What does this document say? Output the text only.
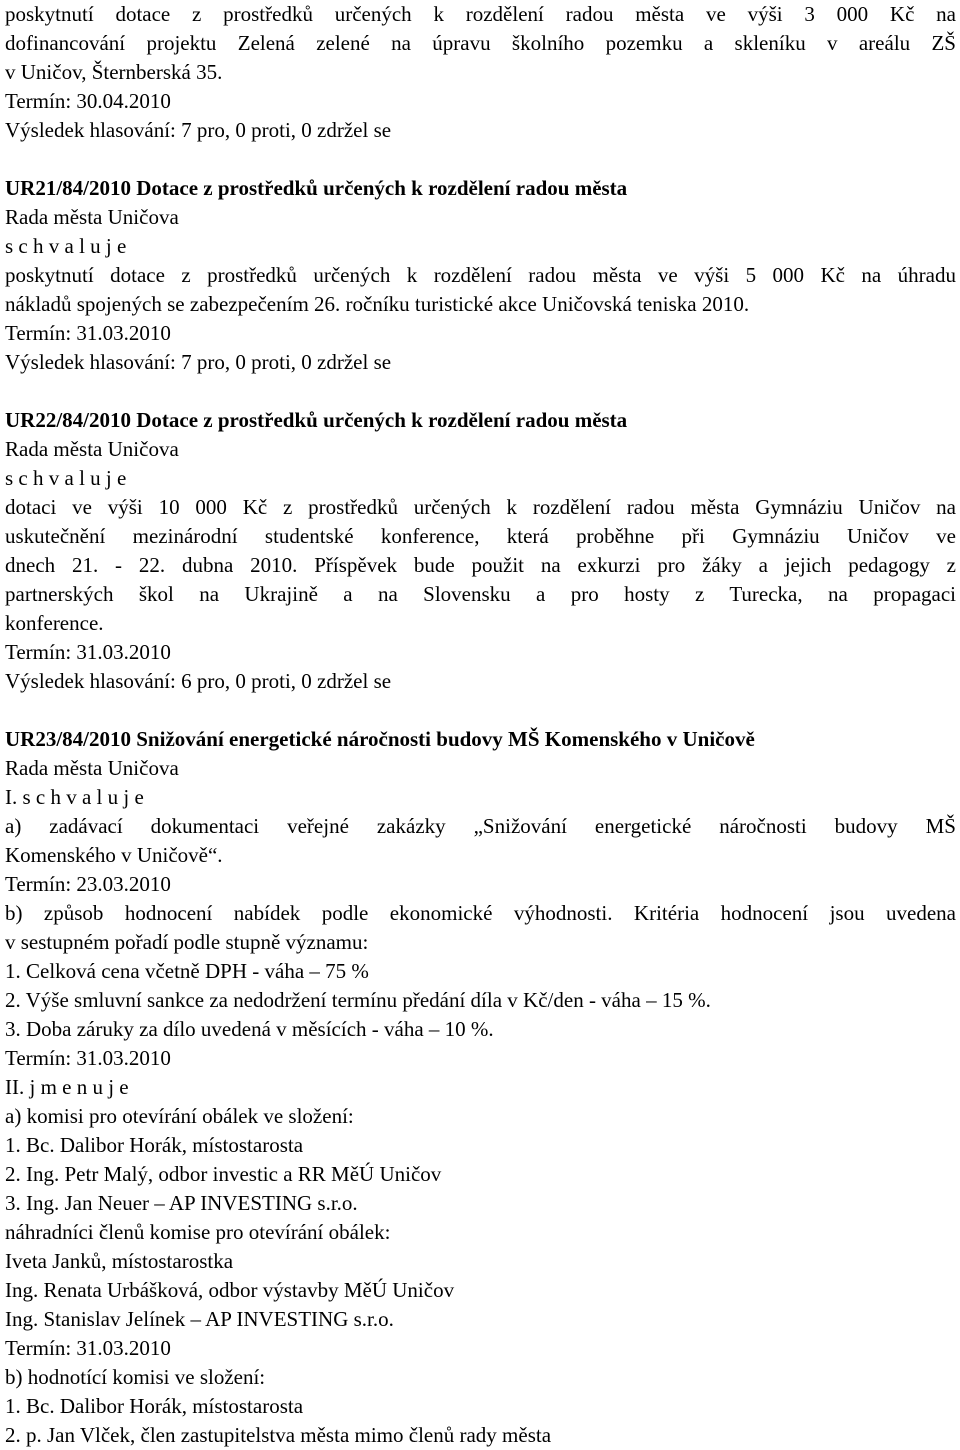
poskytnutí dotace z prostředků určených k rozdělení radou města ve výši 3 000 Kč na
dofinancování projektu Zelená zelené na úpravu školního pozemku a skleníku v areálu ZŠ
v Uničov, Šternberská 35.
Termín: 30.04.2010
Výsledek hlasování: 7 pro, 0 proti, 0 zdržel se
UR21/84/2010 Dotace z prostředků určených k rozdělení radou města
Rada města Uničova
s c h v a l u j e
poskytnutí dotace z prostředků určených k rozdělení radou města ve výši 5 000 Kč na úhradu
nákladů spojených se zabezpečením 26. ročníku turistické akce Uničovská teniska 2010.
Termín: 31.03.2010
Výsledek hlasování: 7 pro, 0 proti, 0 zdržel se
UR22/84/2010 Dotace z prostředků určených k rozdělení radou města
Rada města Uničova
s c h v a l u j e
dotaci ve výši 10 000 Kč z prostředků určených k rozdělení radou města Gymnáziu Uničov na
uskutečnění mezinárodní studentské konference, která proběhne při Gymnáziu Uničov ve
dnech 21. - 22. dubna 2010. Příspěvek bude použit na exkurzi pro žáky a jejich pedagogy z
partnerských škol na Ukrajině a na Slovensku a pro hosty z Turecka, na propagaci
konference.
Termín: 31.03.2010
Výsledek hlasování: 6 pro, 0 proti, 0 zdržel se
UR23/84/2010 Snižování energetické náročnosti budovy MŠ Komenského v Uničově
Rada města Uničova
I. s c h v a l u j e
a) zadávací dokumentaci veřejné zakázky „Snižování energetické náročnosti budovy MŠ
Komenského v Uničově“.
Termín: 23.03.2010
b) způsob hodnocení nabídek podle ekonomické výhodnosti. Kritéria hodnocení jsou uvedena
v sestupném pořadí podle stupně významu:
1. Celková cena včetně DPH - váha – 75 %
2. Výše smluvní sankce za nedodržení termínu předání díla v Kč/den - váha – 15 %.
3. Doba záruky za dílo uvedená v měsících - váha – 10 %.
Termín: 31.03.2010
II. j m e n u j e
a) komisi pro otevírání obálek ve složení:
1. Bc. Dalibor Horák, místostarosta
2. Ing. Petr Malý, odbor investic a RR MěÚ Uničov
3. Ing. Jan Neuer – AP INVESTING s.r.o.
náhradníci členů komise pro otevírání obálek:
Iveta Janků, místostarostka
Ing. Renata Urbášková, odbor výstavby MěÚ Uničov
Ing. Stanislav Jelínek – AP INVESTING s.r.o.
Termín: 31.03.2010
b) hodnotící komisi ve složení:
1. Bc. Dalibor Horák, místostarosta
2. p. Jan Vlček, člen zastupitelstva města mimo členů rady města
